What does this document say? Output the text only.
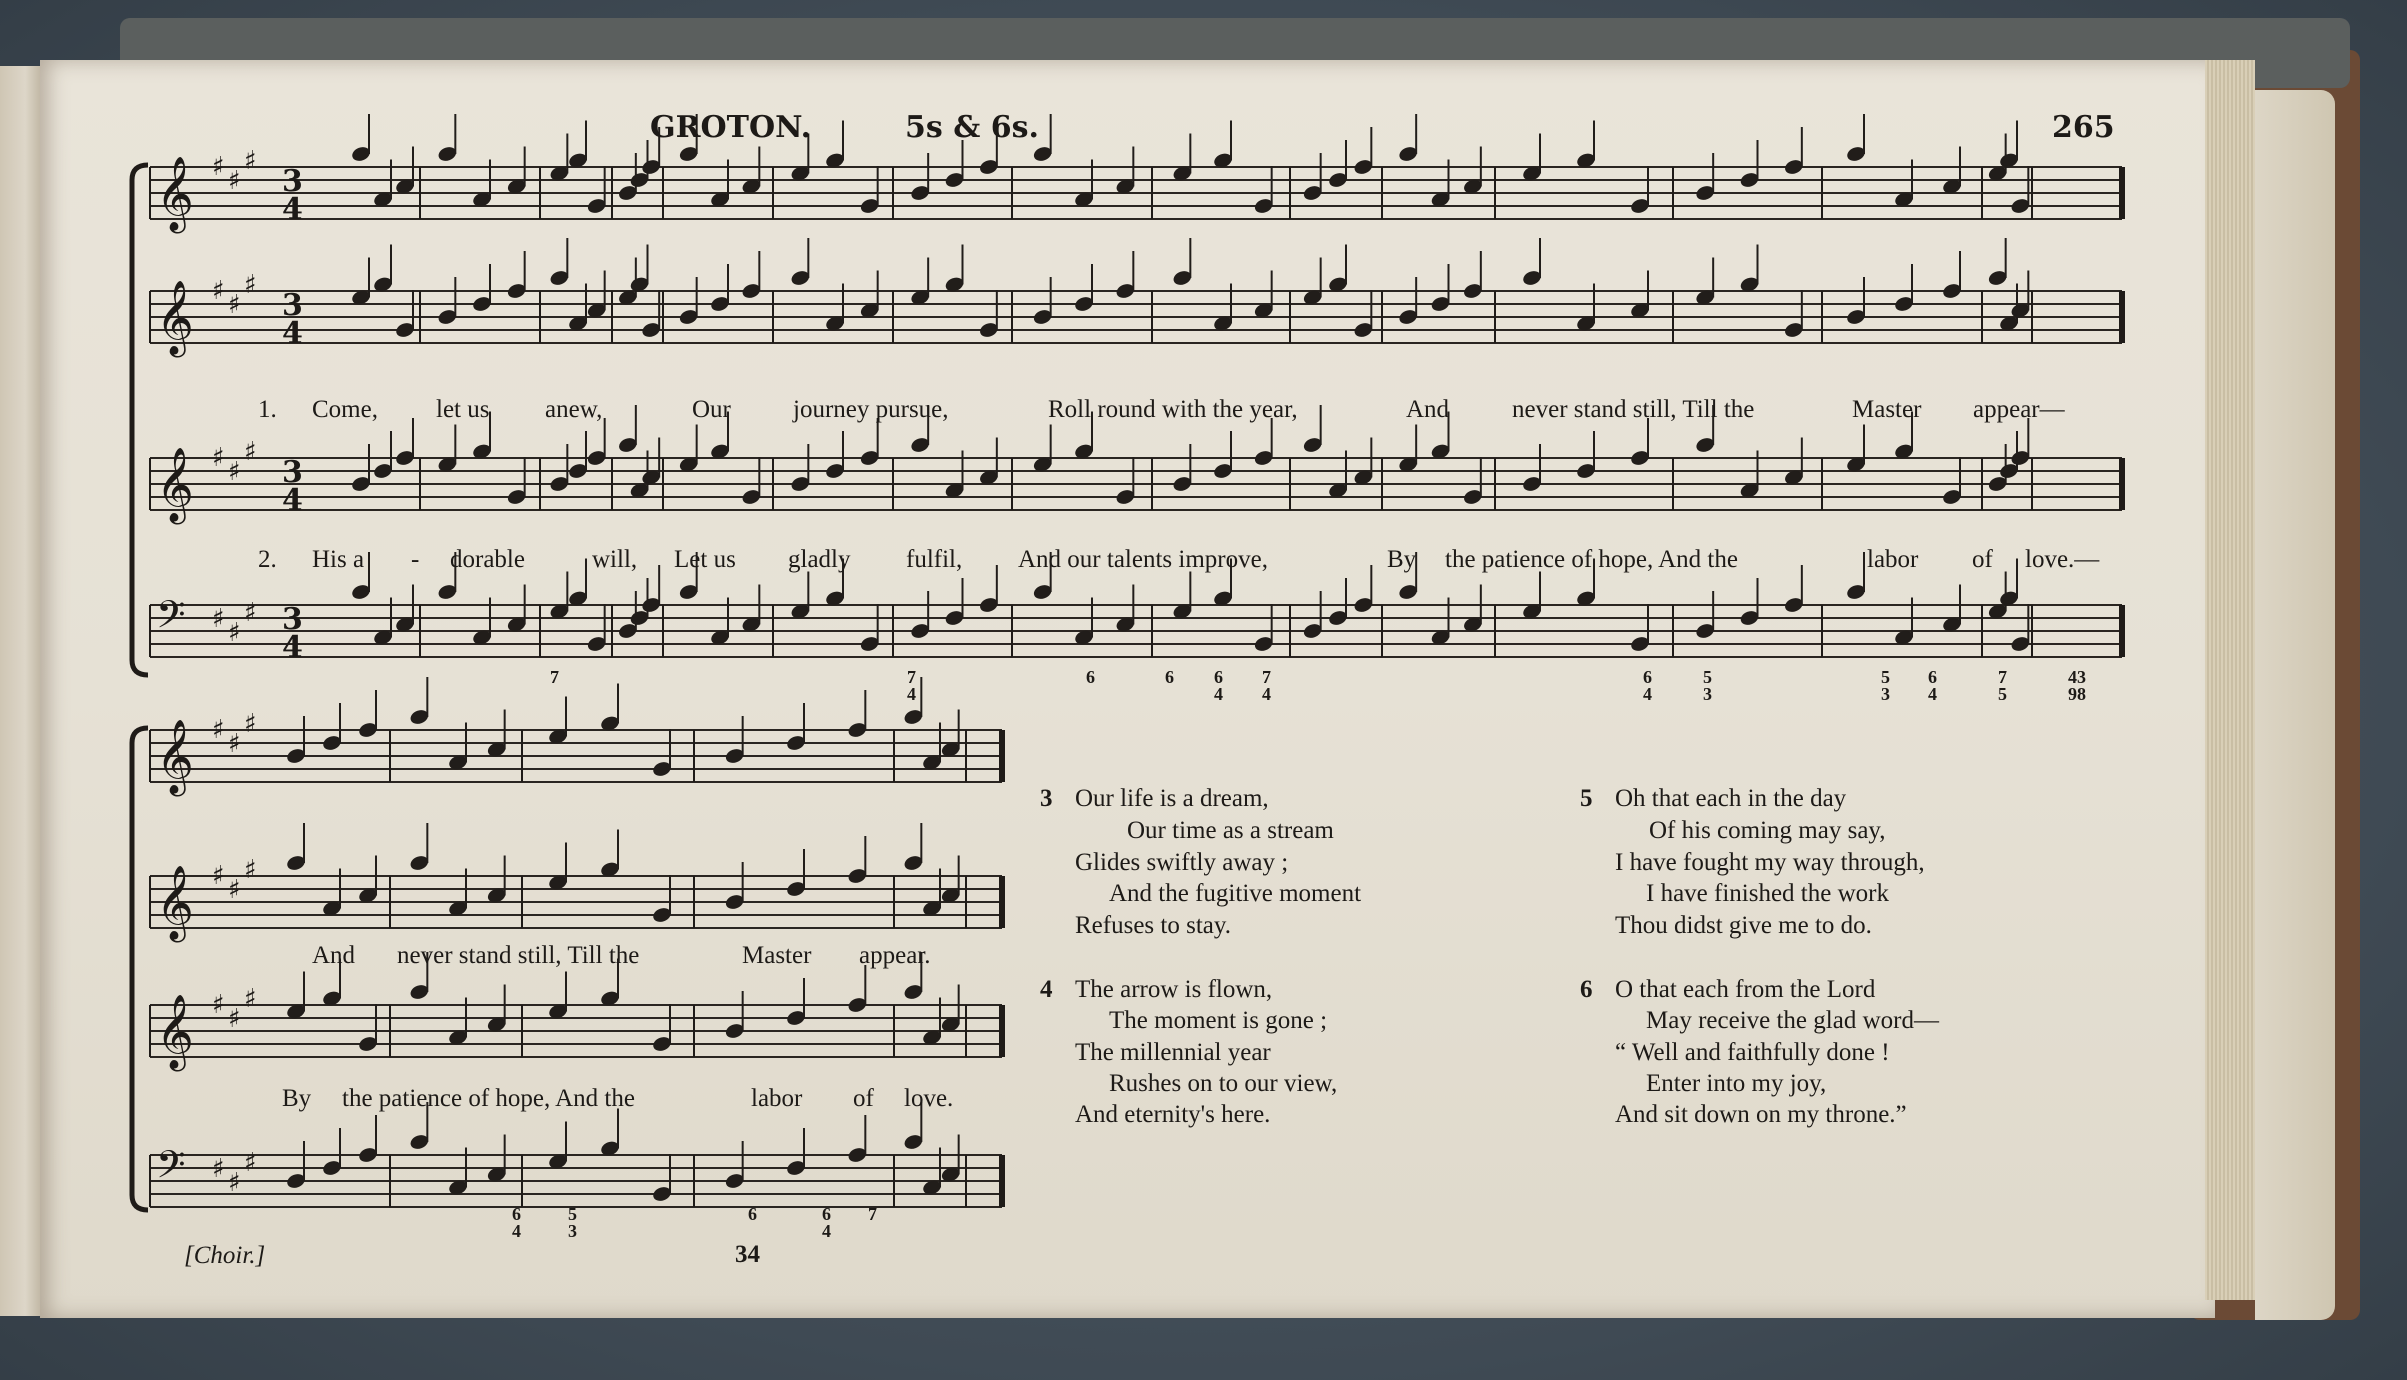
𝄞 ♯ ♯
♯
3
4
𝄞 ♯ ♯
♯
3
4
𝄞 ♯ ♯
♯
3
4
𝄢 ♯ ♯
♯ 3
4
𝄞 ♯ ♯
♯
𝄞 ♯ ♯
♯
𝄞 ♯ ♯
♯
𝄢 ♯ ♯
♯
GROTON.	5s & 6s.	265
1. Come, let us anew,	Our journey pursue,	Roll round with the year,	And	never stand still, Till the	Master appear—
2. His a - dorable	will, Let us gladly fulfil, And our talents improve,	By the patience of hope, And the	labor of love.—
And never stand still, Till the	Master appear.
By the patience of hope, And the	labor of love.
7	7
4
6	6 6
4
7
4
6
4
5
3
5
3
6
4
7
5
43
98
6
4
5
3
6	6
4
7
3 Our life is a dream,
Our time as a stream
Glides swiftly away ;
And the fugitive moment
Refuses to stay.
4 The arrow is flown,
The moment is gone ;
The millennial year
Rushes on to our view,
And eternity's here.
5 Oh that each in the day
Of his coming may say,
I have fought my way through,
I have finished the work
Thou didst give me to do.
6 O that each from the Lord
May receive the glad word—
“ Well and faithfully done !
Enter into my joy,
And sit down on my throne.”
[Choir.]	34
